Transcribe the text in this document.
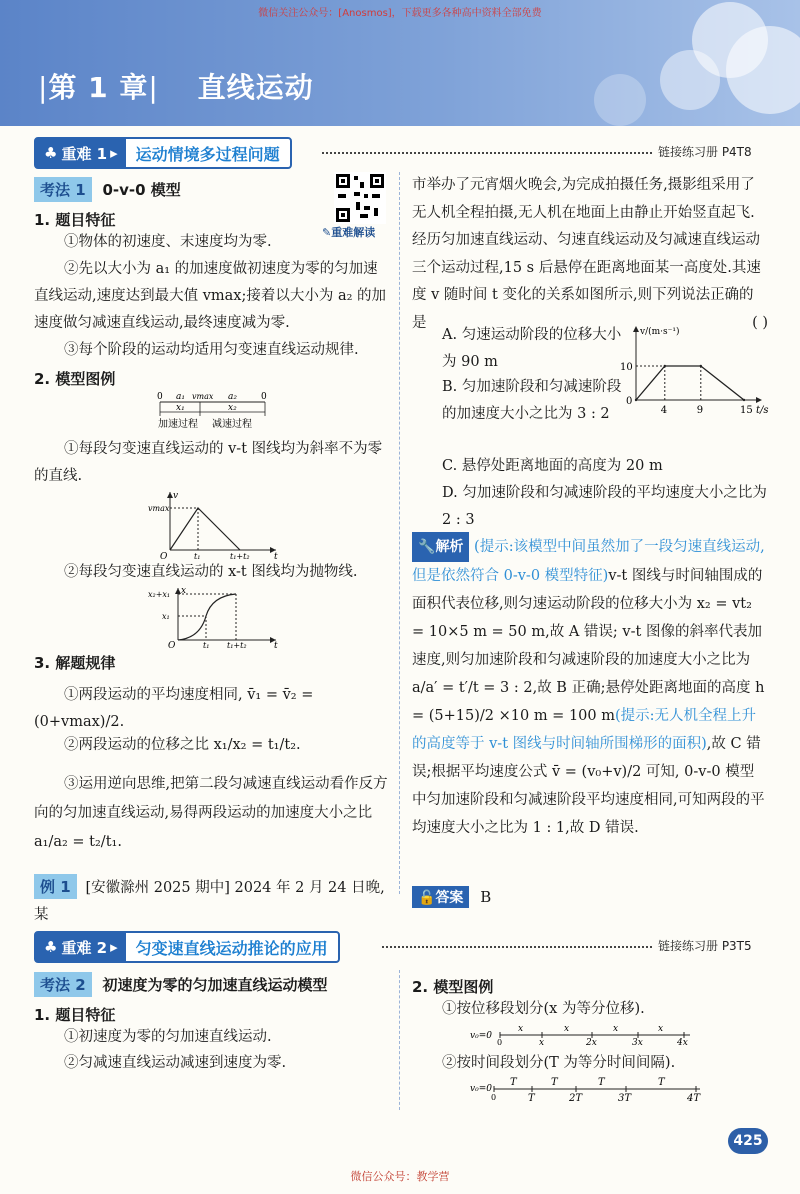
微信关注公众号：[Anosmos]，下载更多各种高中资料全部免费
|第 1 章| 直线运动
♣ 重难 1 ▸	运动情境多过程问题	链接练习册 P4T8
考法 1 0-v-0 模型
✎重难解读
1. 题目特征
①物体的初速度、末速度均为零.
②先以大小为 a₁ 的加速度做初速度为零的匀加速直线运动,速度达到最大值 vmax;接着以大小为 a₂ 的加速度做匀减速直线运动,最终速度减为零.
③每个阶段的运动均适用匀变速直线运动规律.
2. 模型图例
0 a₁ vmax a₂	0
x₁	x₂
加速过程 减速过程
①每段匀变速直线运动的 v-t 图线均为斜率不为零的直线.
v
vmax
O	t₁	t₁+t₂	t
②每段匀变速直线运动的 x-t 图线均为抛物线.
x
x₂+x₁
x₁
O	t₁ t₁+t₂	t
3. 解题规律
①两段运动的平均速度相同, v̄₁ = v̄₂ = (0+vmax)/2.
②两段运动的位移之比 x₁/x₂ = t₁/t₂.
③运用逆向思维,把第二段匀减速直线运动看作反方向的匀加速直线运动,易得两段运动的加速度大小之比 a₁/a₂ = t₂/t₁.
例 1 [安徽滁州 2025 期中] 2024 年 2 月 24 日晚,某
市举办了元宵烟火晚会,为完成拍摄任务,摄影组采用了无人机全程拍摄,无人机在地面上由静止开始竖直起飞.经历匀加速直线运动、匀速直线运动及匀减速直线运动三个运动过程,15 s 后悬停在距离地面某一高度处.其速度 v 随时间 t 变化的关系如图所示,则下列说法正确的是	( )
A. 匀速运动阶段的位移大小为 90 m
B. 匀加速阶段和匀减速阶段的加速度大小之比为 3 : 2
C. 悬停处距离地面的高度为 20 m
D. 匀加速阶段和匀减速阶段的平均速度大小之比为 2 : 3
v/(m·s⁻¹)
10
0
4	9	15 t/s
🔧解析 (提示:该模型中间虽然加了一段匀速直线运动,但是依然符合 0-v-0 模型特征)v-t 图线与时间轴围成的面积代表位移,则匀速运动阶段的位移大小为 x₂ = vt₂ = 10×5 m = 50 m,故 A 错误; v-t 图像的斜率代表加速度,则匀加速阶段和匀减速阶段的加速度大小之比为 a/a′ = t′/t = 3 : 2,故 B 正确;悬停处距离地面的高度 h = (5+15)/2 ×10 m = 100 m(提示:无人机全程上升的高度等于 v-t 图线与时间轴所围梯形的面积),故 C 错误;根据平均速度公式 v̄ = (v₀+v)/2 可知, 0-v-0 模型中匀加速阶段和匀减速阶段平均速度相同,可知两段的平均速度大小之比为 1 : 1,故 D 错误.
🔓答案 B
♣ 重难 2 ▸	匀变速直线运动推论的应用	链接练习册 P3T5
考法 2 初速度为零的匀加速直线运动模型
1. 题目特征
①初速度为零的匀加速直线运动.
②匀减速直线运动减速到速度为零.
2. 模型图例
①按位移段划分(x 为等分位移).
v₀=0
0
x	x	x	x
x	2x	3x	4x
②按时间段划分(T 为等分时间间隔).
v₀=0
0
T	T	T	T
T	2T	3T	4T
425
微信公众号：教学营
